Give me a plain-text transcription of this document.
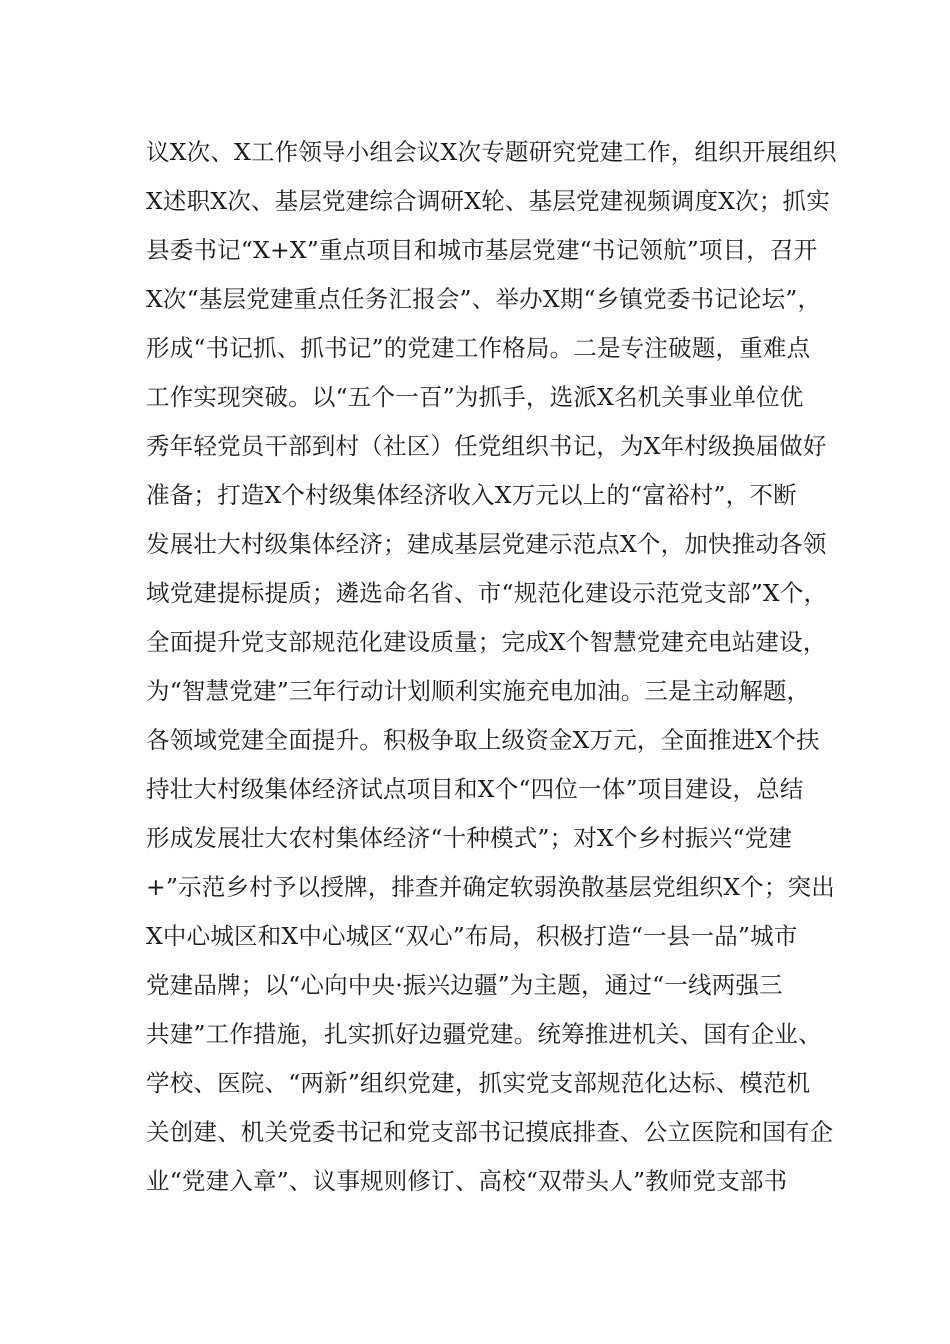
议X次、X工作领导小组会议X次专题研究党建工作，组织开展组织
X述职X次、基层党建综合调研X轮、基层党建视频调度X次；抓实
县委书记“X+X”重点项目和城市基层党建“书记领航”项目，召开
X次“基层党建重点任务汇报会”、举办X期“乡镇党委书记论坛”，
形成“书记抓、抓书记”的党建工作格局。二是专注破题，重难点
工作实现突破。以“五个一百”为抓手，选派X名机关事业单位优
秀年轻党员干部到村（社区）任党组织书记，为X年村级换届做好
准备；打造X个村级集体经济收入X万元以上的“富裕村”，不断
发展壮大村级集体经济；建成基层党建示范点X个，加快推动各领
域党建提标提质；遴选命名省、市“规范化建设示范党支部”X个，
全面提升党支部规范化建设质量；完成X个智慧党建充电站建设，
为“智慧党建”三年行动计划顺利实施充电加油。三是主动解题，
各领域党建全面提升。积极争取上级资金X万元，全面推进X个扶
持壮大村级集体经济试点项目和X个“四位一体”项目建设，总结
形成发展壮大农村集体经济“十种模式”；对X个乡村振兴“党建
+”示范乡村予以授牌，排查并确定软弱涣散基层党组织X个；突出
X中心城区和X中心城区“双心”布局，积极打造“一县一品”城市
党建品牌；以“心向中央·振兴边疆”为主题，通过“一线两强三
共建”工作措施，扎实抓好边疆党建。统筹推进机关、国有企业、
学校、医院、“两新”组织党建，抓实党支部规范化达标、模范机
关创建、机关党委书记和党支部书记摸底排查、公立医院和国有企
业“党建入章”、议事规则修订、高校“双带头人”教师党支部书
